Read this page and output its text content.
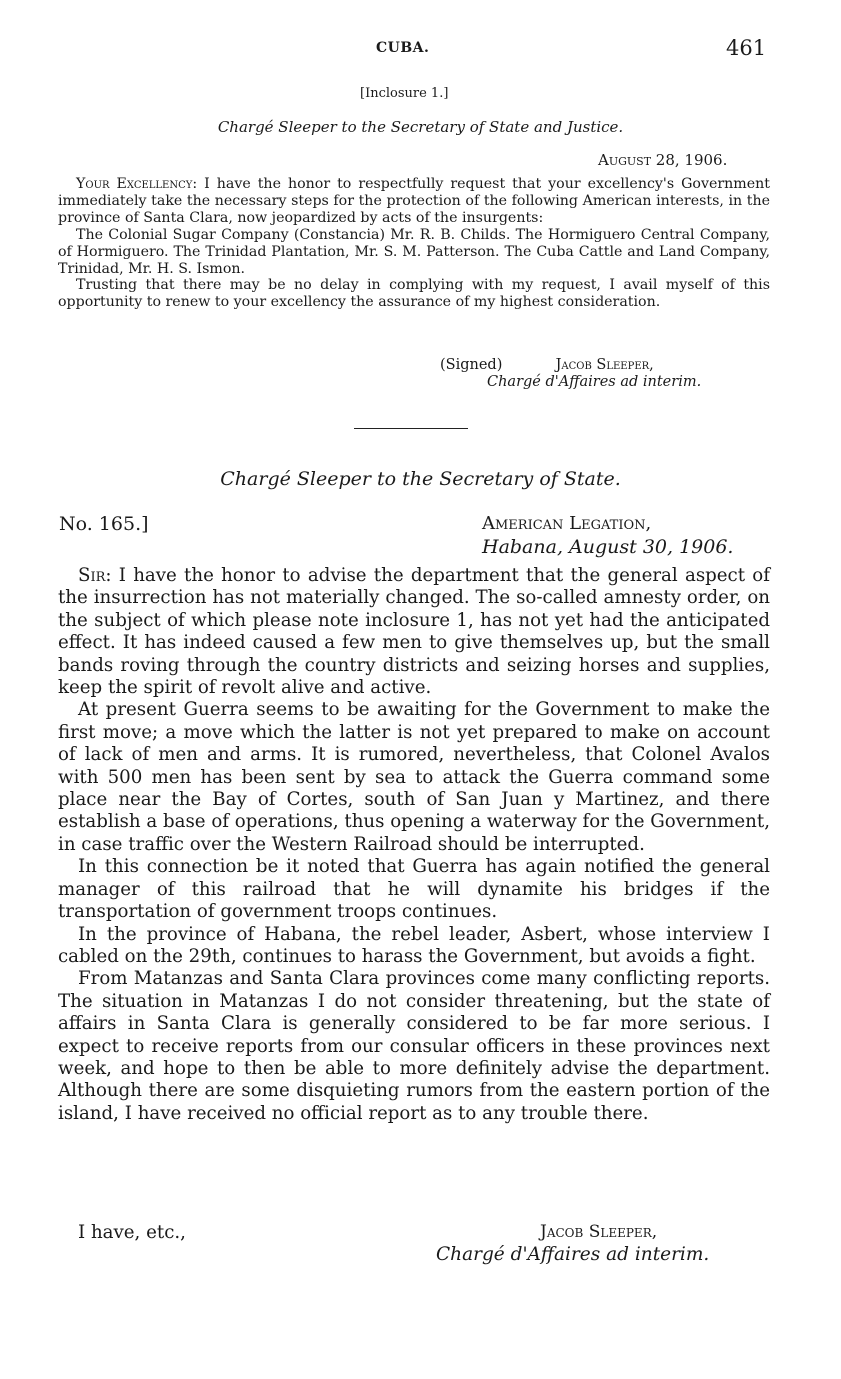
CUBA.	461
[Inclosure 1.]
Chargé Sleeper to the Secretary of State and Justice.
August 28, 1906.

Your Excellency: I have the honor to respectfully request that your excellency's Government immediately take the necessary steps for the protection of the following American interests, in the province of Santa Clara, now jeopardized by acts of the insurgents:

The Colonial Sugar Company (Constancia) Mr. R. B. Childs. The Hormiguero Central Company, of Hormiguero. The Trinidad Plantation, Mr. S. M. Patterson. The Cuba Cattle and Land Company, Trinidad, Mr. H. S. Ismon.

Trusting that there may be no delay in complying with my request, I avail myself of this opportunity to renew to your excellency the assurance of my highest consideration.

(Signed)	Jacob Sleeper,
Chargé d'Affaires ad interim.
Chargé Sleeper to the Secretary of State.
No. 165.]	American Legation,
Habana, August 30, 1906.

Sir: I have the honor to advise the department that the general aspect of the insurrection has not materially changed. The so-called amnesty order, on the subject of which please note inclosure 1, has not yet had the anticipated effect. It has indeed caused a few men to give themselves up, but the small bands roving through the country districts and seizing horses and supplies, keep the spirit of revolt alive and active.

At present Guerra seems to be awaiting for the Government to make the first move; a move which the latter is not yet prepared to make on account of lack of men and arms. It is rumored, nevertheless, that Colonel Avalos with 500 men has been sent by sea to attack the Guerra command some place near the Bay of Cortes, south of San Juan y Martinez, and there establish a base of operations, thus opening a waterway for the Government, in case traffic over the Western Railroad should be interrupted.

In this connection be it noted that Guerra has again notified the general manager of this railroad that he will dynamite his bridges if the transportation of government troops continues.

In the province of Habana, the rebel leader, Asbert, whose interview I cabled on the 29th, continues to harass the Government, but avoids a fight.

From Matanzas and Santa Clara provinces come many conflicting reports. The situation in Matanzas I do not consider threatening, but the state of affairs in Santa Clara is generally considered to be far more serious. I expect to receive reports from our consular officers in these provinces next week, and hope to then be able to more definitely advise the department. Although there are some disquieting rumors from the eastern portion of the island, I have received no official report as to any trouble there.

I have, etc.,	Jacob Sleeper,
Chargé d'Affaires ad interim.
